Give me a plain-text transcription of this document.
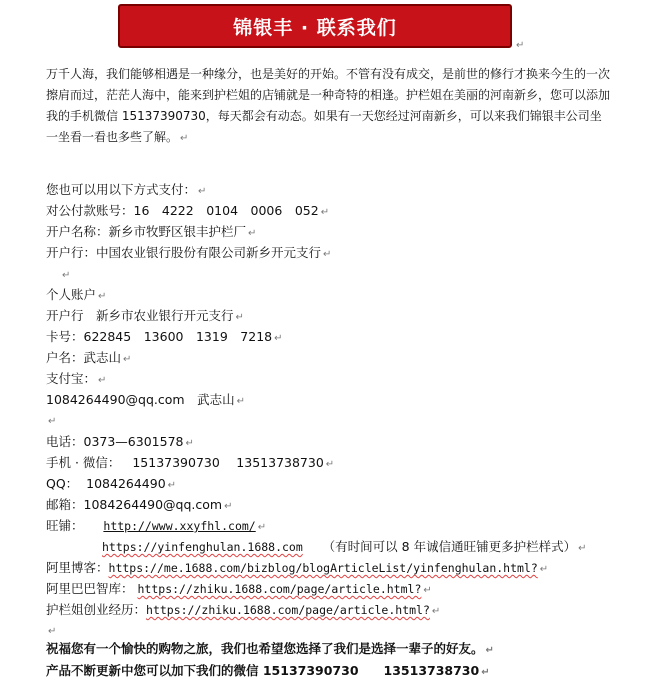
锦银丰 · 联系我们
↵

万千人海，我们能够相遇是一种缘分，也是美好的开始。不管有没有成交，是前世的修行才换来今生的一次擦肩而过，茫茫人海中，能来到护栏姐的店铺就是一种奇特的相逢。护栏姐在美丽的河南新乡，您可以添加我的手机微信 15137390730，每天都会有动态。如果有一天您经过河南新乡，可以来我们锦银丰公司坐一坐看一看也多些了解。 ↵

您也可以用以下方式支付： ↵
对公付款账号：16　4222　0104　0006　052 ↵
开户名称：新乡市牧野区银丰护栏厂 ↵
开户行：中国农业银行股份有限公司新乡开元支行 ↵
↵
个人账户 ↵
开户行　新乡市农业银行开元支行 ↵
卡号：622845　13600　1319　7218 ↵
户名：武志山 ↵
支付宝： ↵
1084264490@qq.com　武志山 ↵
↵
电话：0373—6301578 ↵
手机 · 微信： 15137390730　 13513738730 ↵
QQ： 1084264490 ↵
邮箱：1084264490@qq.com ↵
旺铺： http://www.xxyfhl.com/ ↵
https://yinfenghulan.1688.com （有时间可以 8 年诚信通旺铺更多护栏样式） ↵
阿里博客：https://me.1688.com/bizblog/blogArticleList/yinfenghulan.html? ↵
阿里巴巴智库： https://zhiku.1688.com/page/article.html? ↵
护栏姐创业经历：https://zhiku.1688.com/page/article.html? ↵
↵
祝福您有一个愉快的购物之旅，我们也希望您选择了我们是选择一辈子的好友。 ↵
产品不断更新中您可以加下我们的微信 15137390730　　13513738730 ↵
